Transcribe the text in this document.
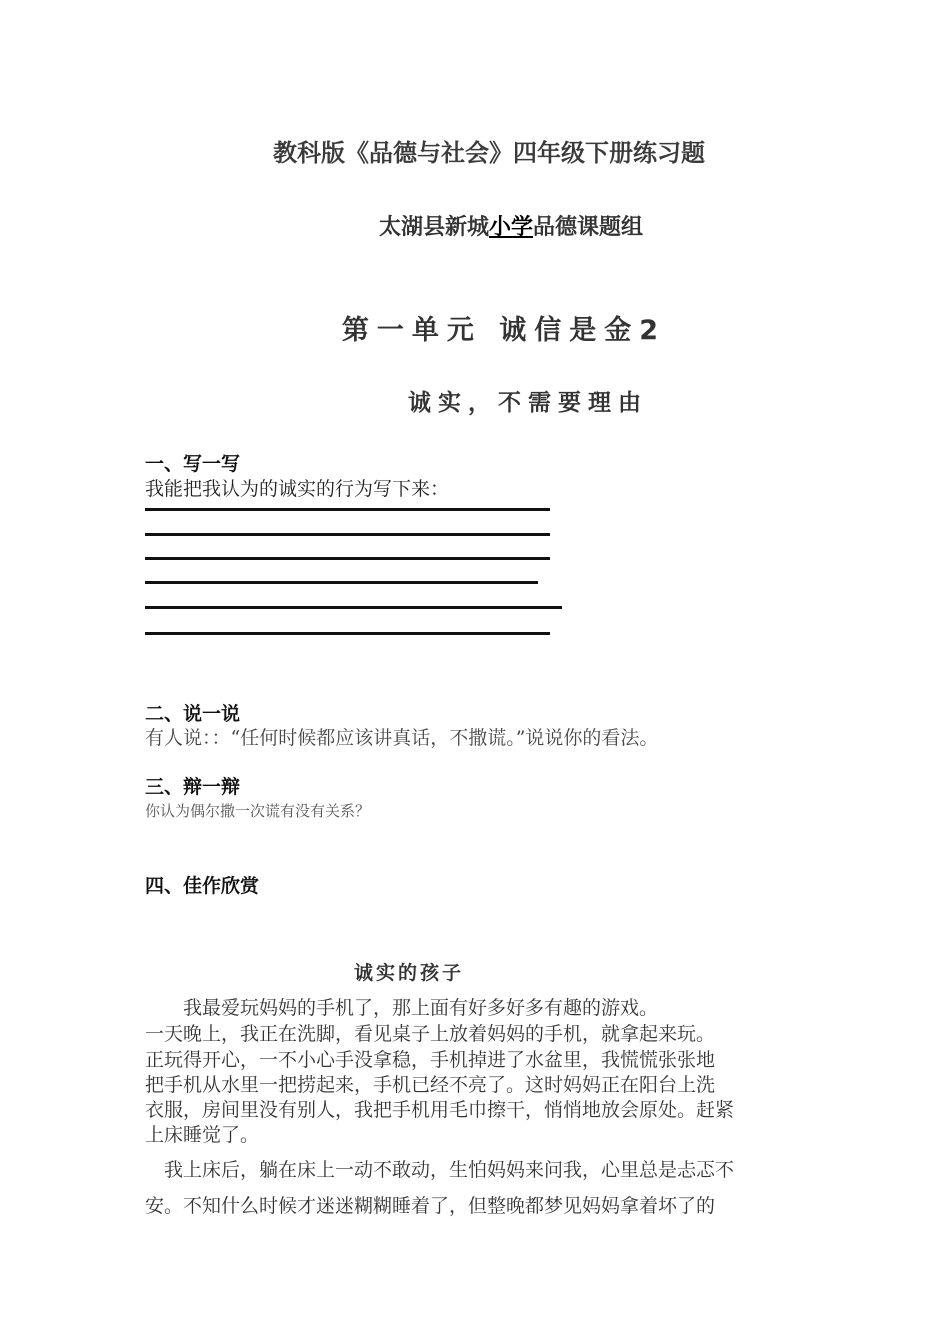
教科版《品德与社会》四年级下册练习题
太湖县新城小学品德课题组
第一单元 诚信是金2
诚实，不需要理由
一、写一写
我能把我认为的诚实的行为写下来：
二、说一说
有人说：：“任何时候都应该讲真话，不撒谎。”说说你的看法。
三、辩一辩
你认为偶尔撒一次谎有没有关系？
四、佳作欣赏
诚实的孩子
　　我最爱玩妈妈的手机了，那上面有好多好多有趣的游戏。
一天晚上，我正在洗脚，看见桌子上放着妈妈的手机，就拿起来玩。
正玩得开心，一不小心手没拿稳，手机掉进了水盆里，我慌慌张张地
把手机从水里一把捞起来，手机已经不亮了。这时妈妈正在阳台上洗
衣服，房间里没有别人，我把手机用毛巾擦干，悄悄地放会原处。赶紧
上床睡觉了。
　我上床后，躺在床上一动不敢动，生怕妈妈来问我，心里总是忐忑不
安。不知什么时候才迷迷糊糊睡着了，但整晚都梦见妈妈拿着坏了的
